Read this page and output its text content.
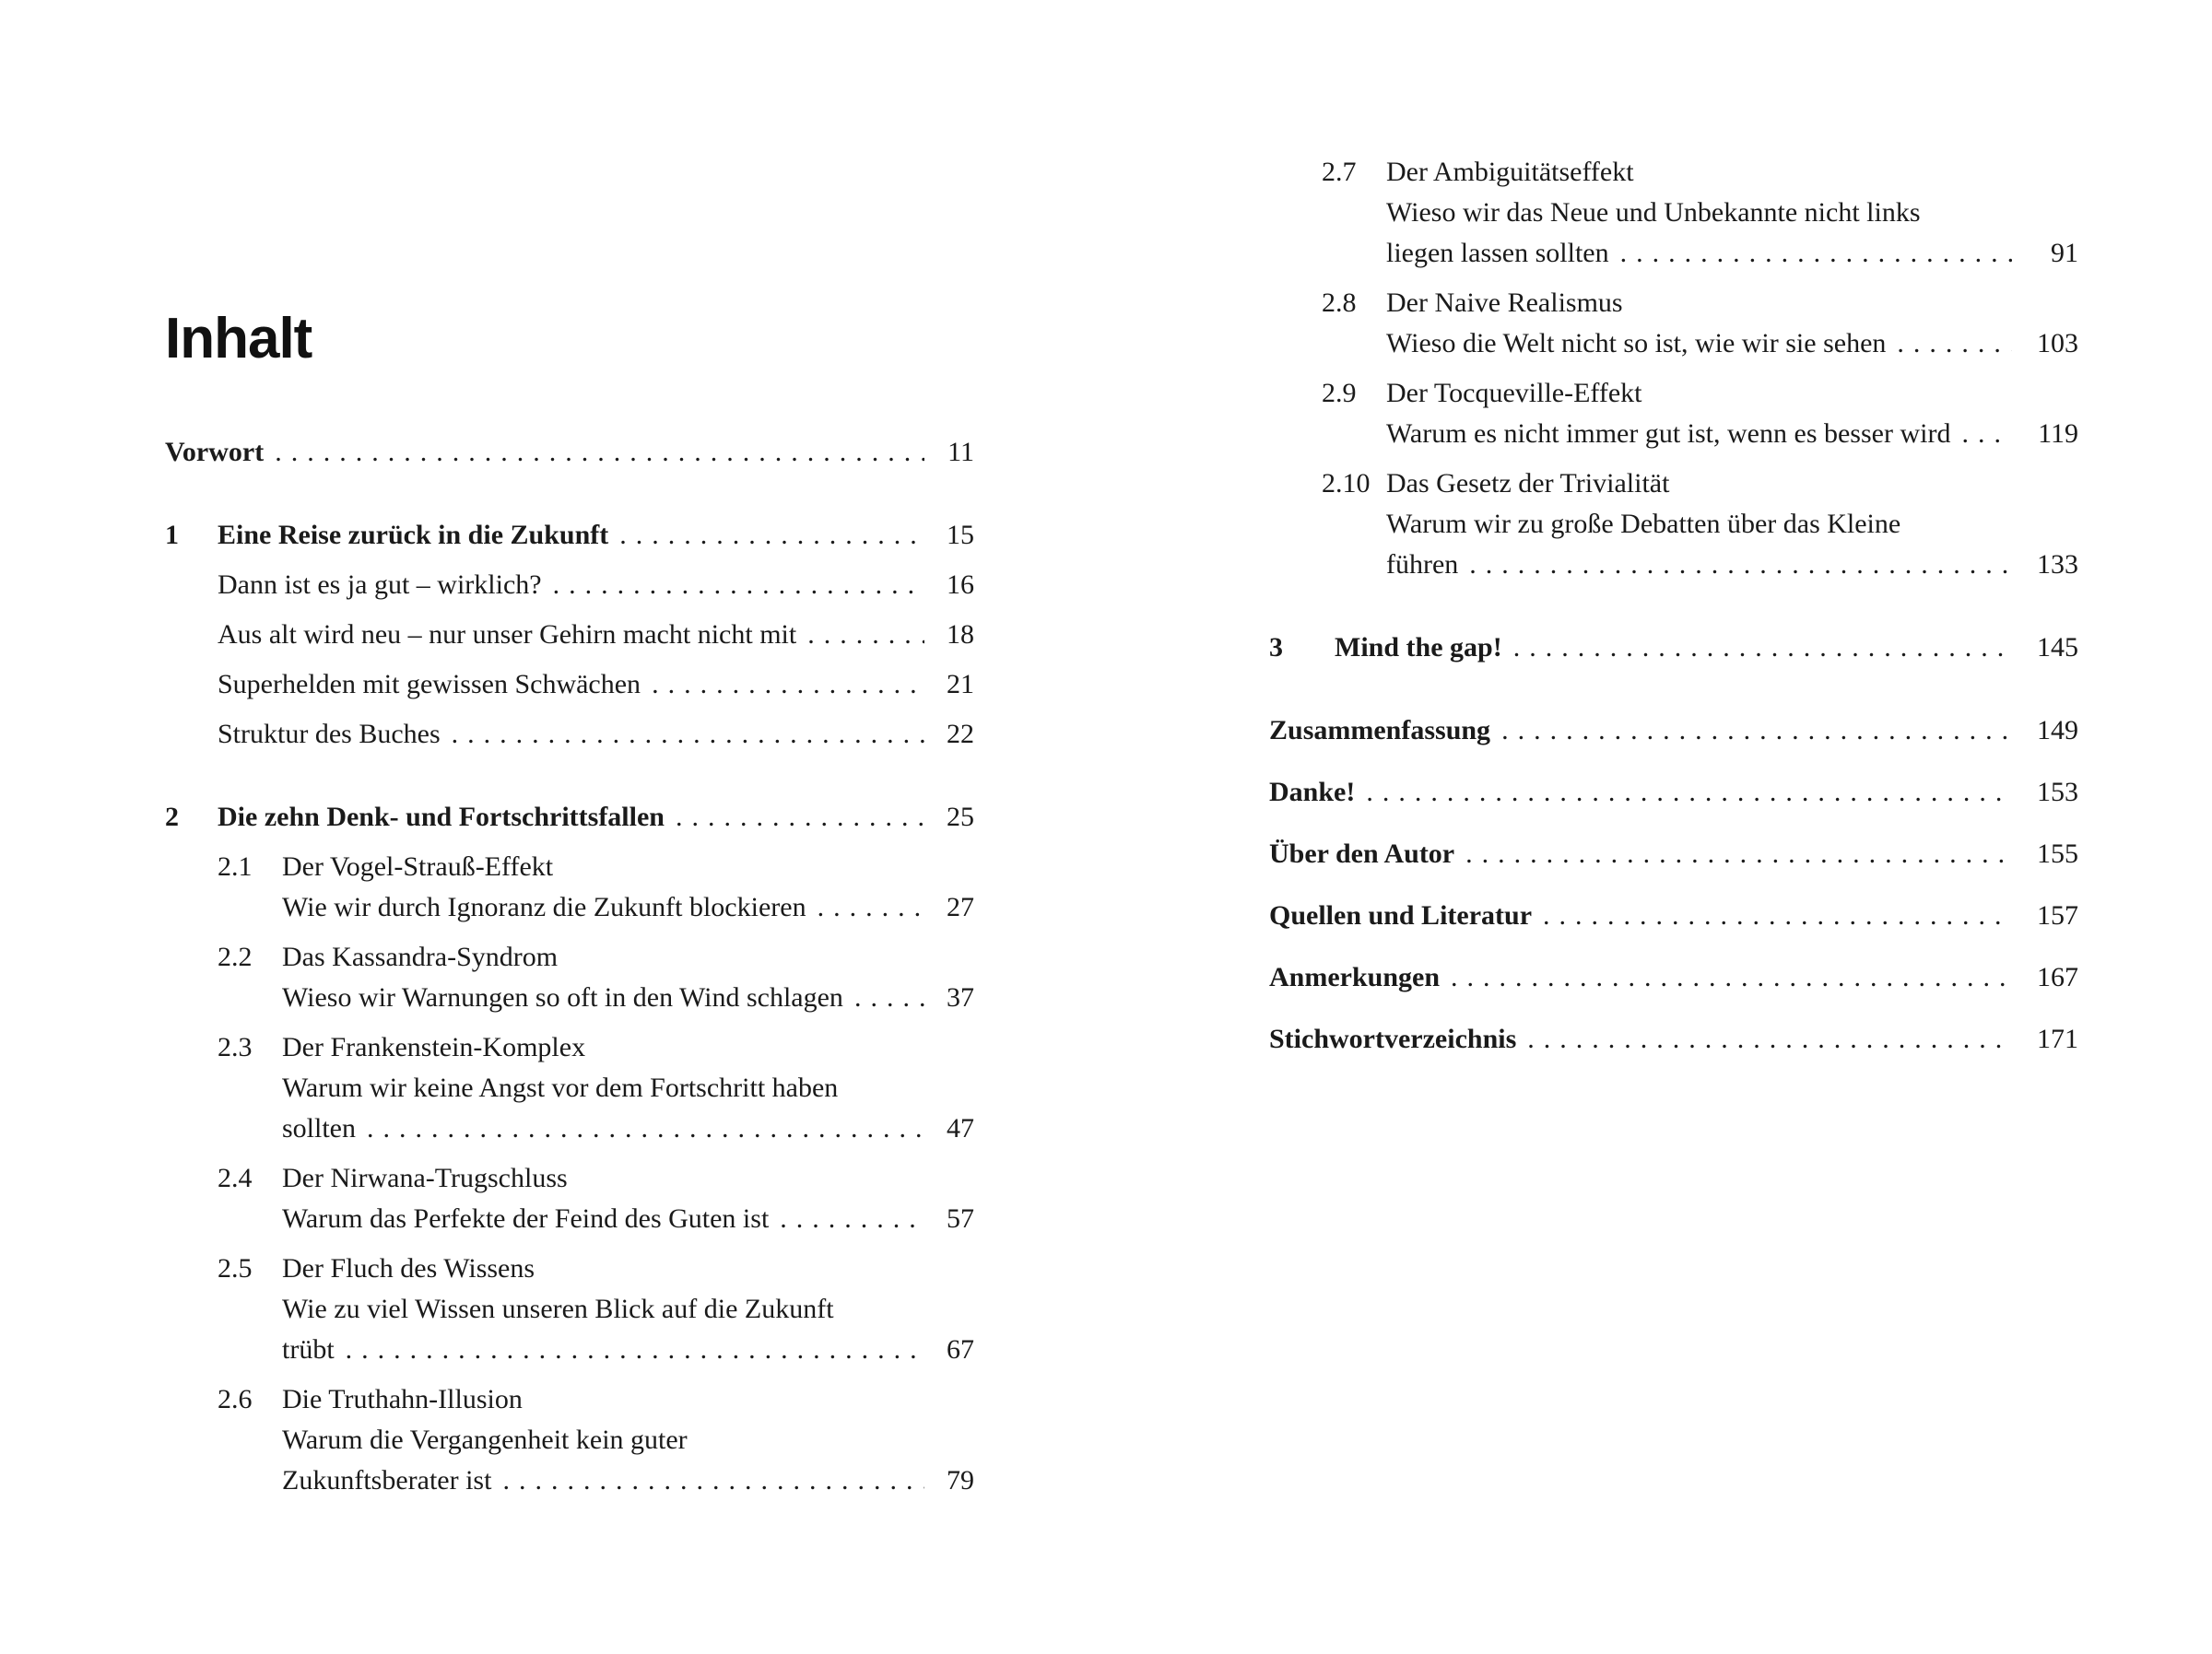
Inhalt
Vorwort .....	11
1	Eine Reise zurück in die Zukunft .....	15
Dann ist es ja gut – wirklich? .....	16
Aus alt wird neu – nur unser Gehirn macht nicht mit .....	18
Superhelden mit gewissen Schwächen .....	21
Struktur des Buches .....	22
2	Die zehn Denk- und Fortschrittsfallen .....	25
2.1	Der Vogel-Strauß-Effekt
Wie wir durch Ignoranz die Zukunft blockieren .....	27
2.2	Das Kassandra-Syndrom
Wieso wir Warnungen so oft in den Wind schlagen .....	37
2.3	Der Frankenstein-Komplex
Warum wir keine Angst vor dem Fortschritt haben
sollten .....	47
2.4	Der Nirwana-Trugschluss
Warum das Perfekte der Feind des Guten ist .....	57
2.5	Der Fluch des Wissens
Wie zu viel Wissen unseren Blick auf die Zukunft
trübt .....	67
2.6	Die Truthahn-Illusion
Warum die Vergangenheit kein guter
Zukunftsberater ist .....	79
2.7	Der Ambiguitätseffekt
Wieso wir das Neue und Unbekannte nicht links
liegen lassen sollten .....	91
2.8	Der Naive Realismus
Wieso die Welt nicht so ist, wie wir sie sehen .....	103
2.9	Der Tocqueville-Effekt
Warum es nicht immer gut ist, wenn es besser wird .....	119
2.10 Das Gesetz der Trivialität
Warum wir zu große Debatten über das Kleine
führen .....	133
3	Mind the gap! .....	145
Zusammenfassung .....	149
Danke! .....	153
Über den Autor .....	155
Quellen und Literatur .....	157
Anmerkungen .....	167
Stichwortverzeichnis .....	171
